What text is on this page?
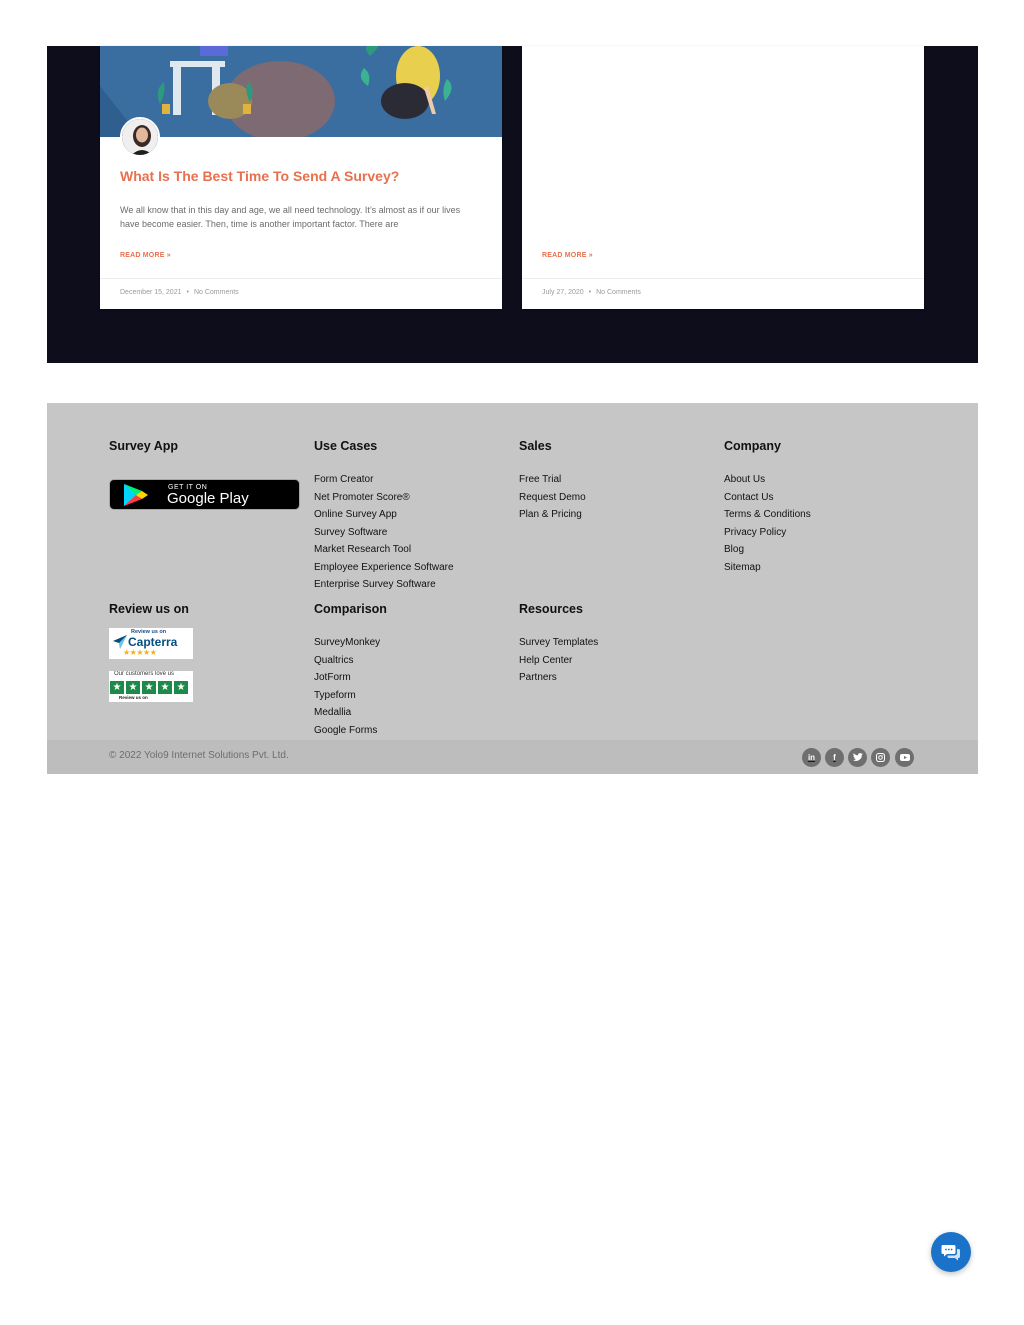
What Is The Best Time To Send A Survey?

We all know that in this day and age, we all need technology. It’s almost as if our lives have become easier. Then, time is another important factor. There are

READ MORE »
December 15, 2021 • No Comments
READ MORE »
July 27, 2020 • No Comments
Survey App
GET IT ON
Google Play
Use Cases
Form Creator
Net Promoter Score®
Online Survey App
Survey Software
Market Research Tool
Employee Experience Software
Enterprise Survey Software
Sales
Free Trial
Request Demo
Plan & Pricing
Company
About Us
Contact Us
Terms & Conditions
Privacy Policy
Blog
Sitemap
Review us on
Review us on
Capterra
★★★★★
Our customers love us
★ ★ ★ ★ ★
Review us on
Comparison
SurveyMonkey
Qualtrics
JotForm
Typeform
Medallia
Google Forms
Resources
Survey Templates
Help Center
Partners
© 2022 Yolo9 Internet Solutions Pvt. Ltd.	in f
